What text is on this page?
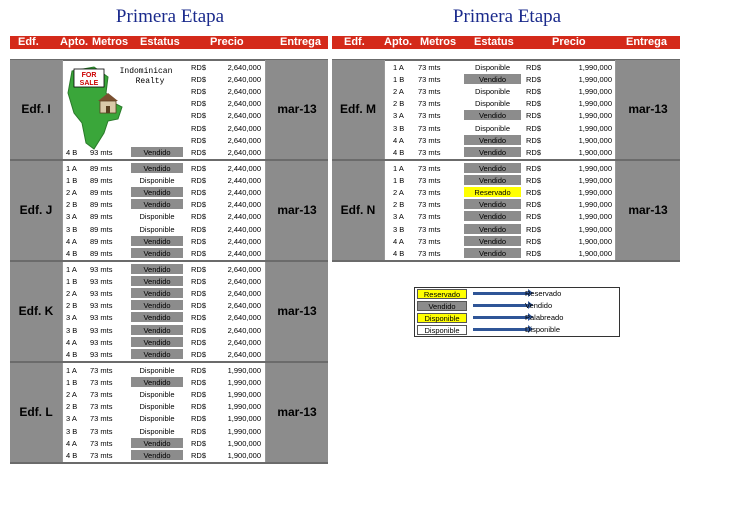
Primera Etapa	Primera Etapa
Edf. Apto. Metros Estatus	Precio	Entrega Edf. Apto. Metros Estatus	Precio	Entrega
Edf. I	mar-13
RD$	2,640,000
RD$	2,640,000
RD$	2,640,000
RD$	2,640,000
RD$	2,640,000
RD$	2,640,000
RD$	2,640,000
4 B 93 mts	Vendido	RD$	2,640,000
Edf. J	mar-13
1 A 89 mts	Vendido	RD$	2,440,000
1 B 89 mts	Disponible	RD$	2,440,000
2 A 89 mts	Vendido	RD$	2,440,000
2 B 89 mts	Vendido	RD$	2,440,000
3 A 89 mts	Disponible	RD$	2,440,000
3 B 89 mts	Disponible	RD$	2,440,000
4 A 89 mts	Vendido	RD$	2,440,000
4 B 89 mts	Vendido	RD$	2,440,000
Edf. K	mar-13
1 A 93 mts	Vendido	RD$	2,640,000
1 B 93 mts	Vendido	RD$	2,640,000
2 A 93 mts	Vendido	RD$	2,640,000
2 B 93 mts	Vendido	RD$	2,640,000
3 A 93 mts	Vendido	RD$	2,640,000
3 B 93 mts	Vendido	RD$	2,640,000
4 A 93 mts	Vendido	RD$	2,640,000
4 B 93 mts	Vendido	RD$	2,640,000
Edf. L	mar-13
1 A 73 mts	Disponible	RD$	1,990,000
1 B 73 mts	Vendido	RD$	1,990,000
2 A 73 mts	Disponible	RD$	1,990,000
2 B 73 mts	Disponible	RD$	1,990,000
3 A 73 mts	Disponible	RD$	1,990,000
3 B 73 mts	Disponible	RD$	1,990,000
4 A 73 mts	Vendido	RD$	1,900,000
4 B 73 mts	Vendido	RD$	1,900,000
Edf. M	mar-13
1 A 73 mts	Disponible	RD$	1,990,000
1 B 73 mts	Vendido	RD$	1,990,000
2 A 73 mts	Disponible	RD$	1,990,000
2 B 73 mts	Disponible	RD$	1,990,000
3 A 73 mts	Vendido	RD$	1,990,000
3 B 73 mts	Disponible	RD$	1,990,000
4 A 73 mts	Vendido	RD$	1,900,000
4 B 73 mts	Vendido	RD$	1,900,000
Edf. N	mar-13
1 A 73 mts	Vendido	RD$	1,990,000
1 B 73 mts	Vendido	RD$	1,990,000
2 A 73 mts	Reservado	RD$	1,990,000
2 B 73 mts	Vendido	RD$	1,990,000
3 A 73 mts	Vendido	RD$	1,990,000
3 B 73 mts	Vendido	RD$	1,990,000
4 A 73 mts	Vendido	RD$	1,900,000
4 B 73 mts	Vendido	RD$	1,900,000
FOR
SALE
Indominican
Realty
Reservado	Reservado
Vendido	Vendido
Disponible	Palabreado
Disponible	Disponible
